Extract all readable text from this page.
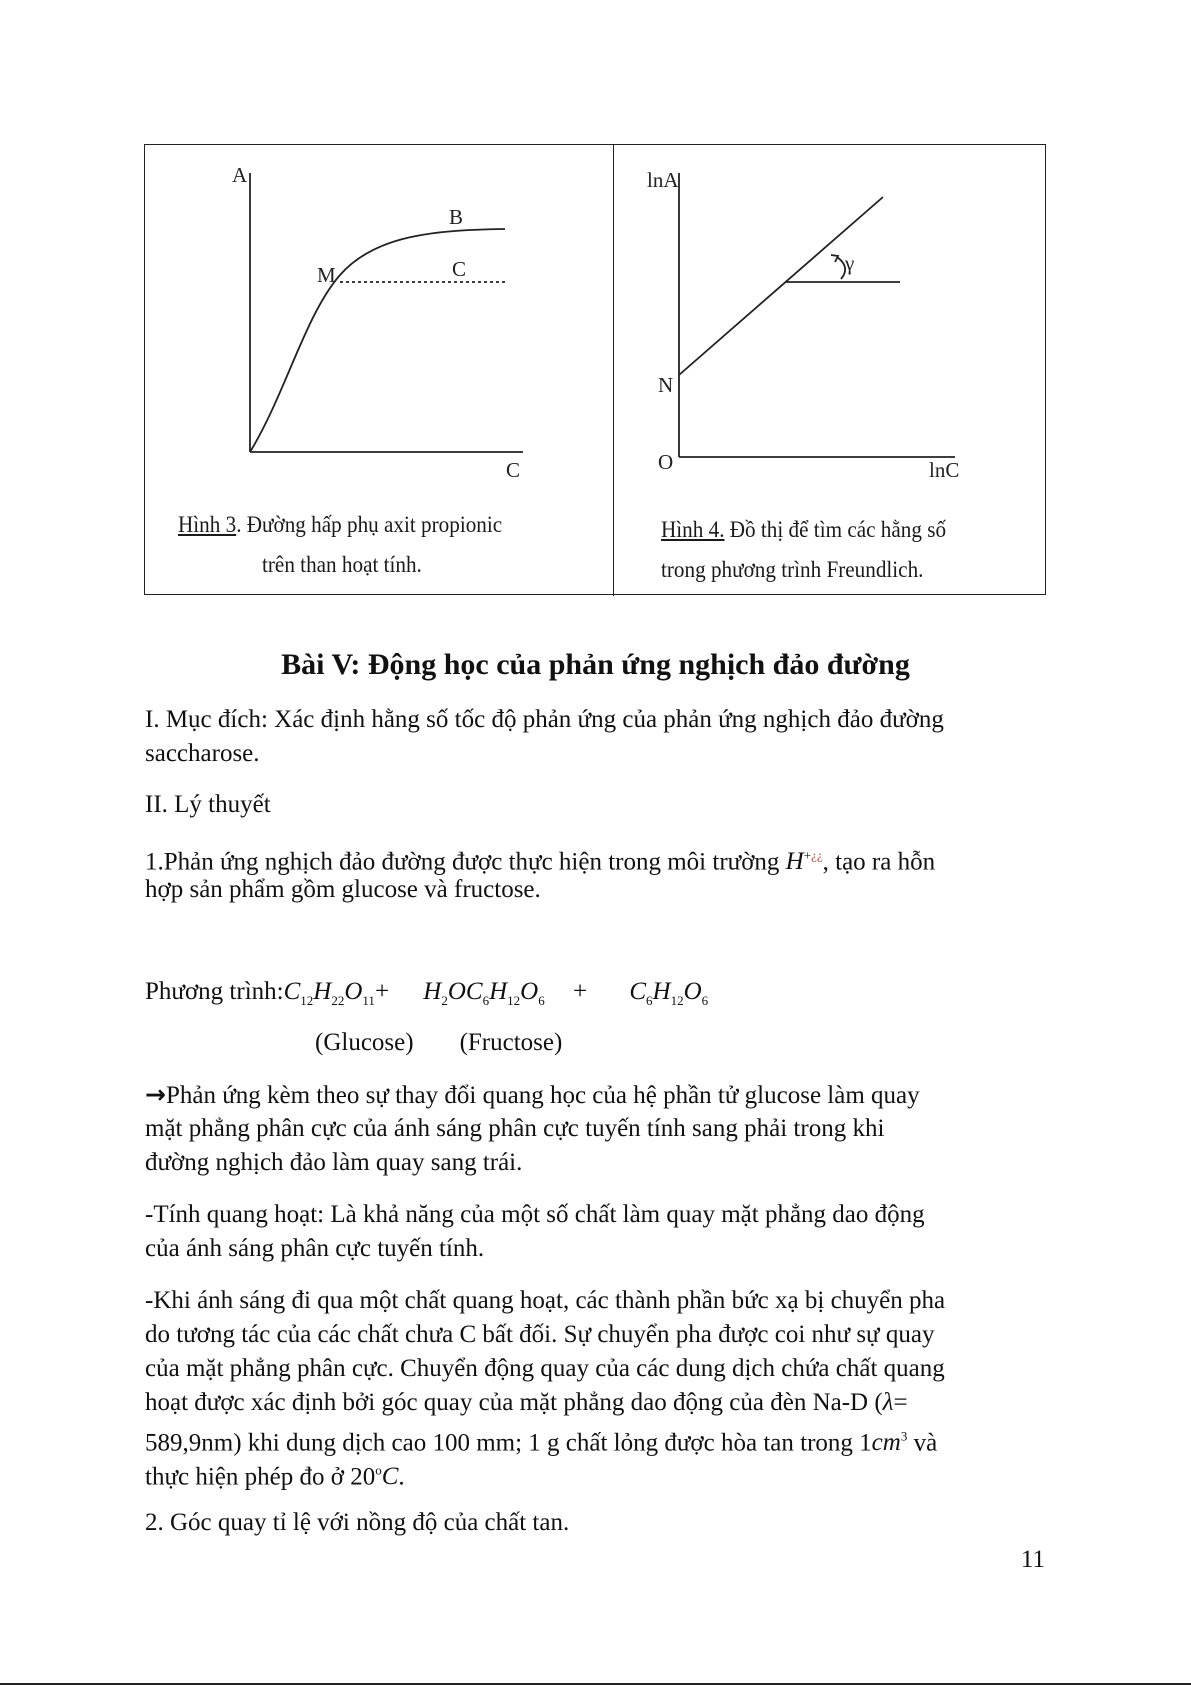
A
C
B
C
M
lnA
lnC
O
N
γ
Hình 3. Đường hấp phụ axit propionic
trên than hoạt tính.
Hình 4. Đồ thị để tìm các hằng số
trong phương trình Freundlich.
Bài V: Động học của phản ứng nghịch đảo đường
I. Mục đích: Xác định hằng số tốc độ phản ứng của phản ứng nghịch đảo đường
saccharose.
II. Lý thuyết
1.Phản ứng nghịch đảo đường được thực hiện trong môi trường H+¿¿, tạo ra hỗn
hợp sản phẩm gồm glucose và fructose.
Phương $trình:C_{12}H_{22}O_{11}+ H_2OC_6H_{12}O_6 + C_6H_{12}O_6$
(Glucose) (Fructose)
→Phản ứng kèm theo sự thay đổi quang học của hệ phần tử glucose làm quay
mặt phẳng phân cực của ánh sáng phân cực tuyến tính sang phải trong khi
đường nghịch đảo làm quay sang trái.
-Tính quang hoạt: Là khả năng của một số chất làm quay mặt phẳng dao động
của ánh sáng phân cực tuyến tính.
-Khi ánh sáng đi qua một chất quang hoạt, các thành phần bức xạ bị chuyển pha
do tương tác của các chất chưa C bất đối. Sự chuyển pha được coi như sự quay
của mặt phẳng phân cực. Chuyển động quay của các dung dịch chứa chất quang
hoạt được xác định bởi góc quay của mặt phẳng dao động của đèn Na-D (λ=
589,9nm) khi dung dịch cao 100 mm; 1 g chất lỏng được hòa tan trong $1cm^3$ và
thực hiện phép đo ở 20$^o$C.
2. Góc quay tỉ lệ với nồng độ của chất tan.
11
